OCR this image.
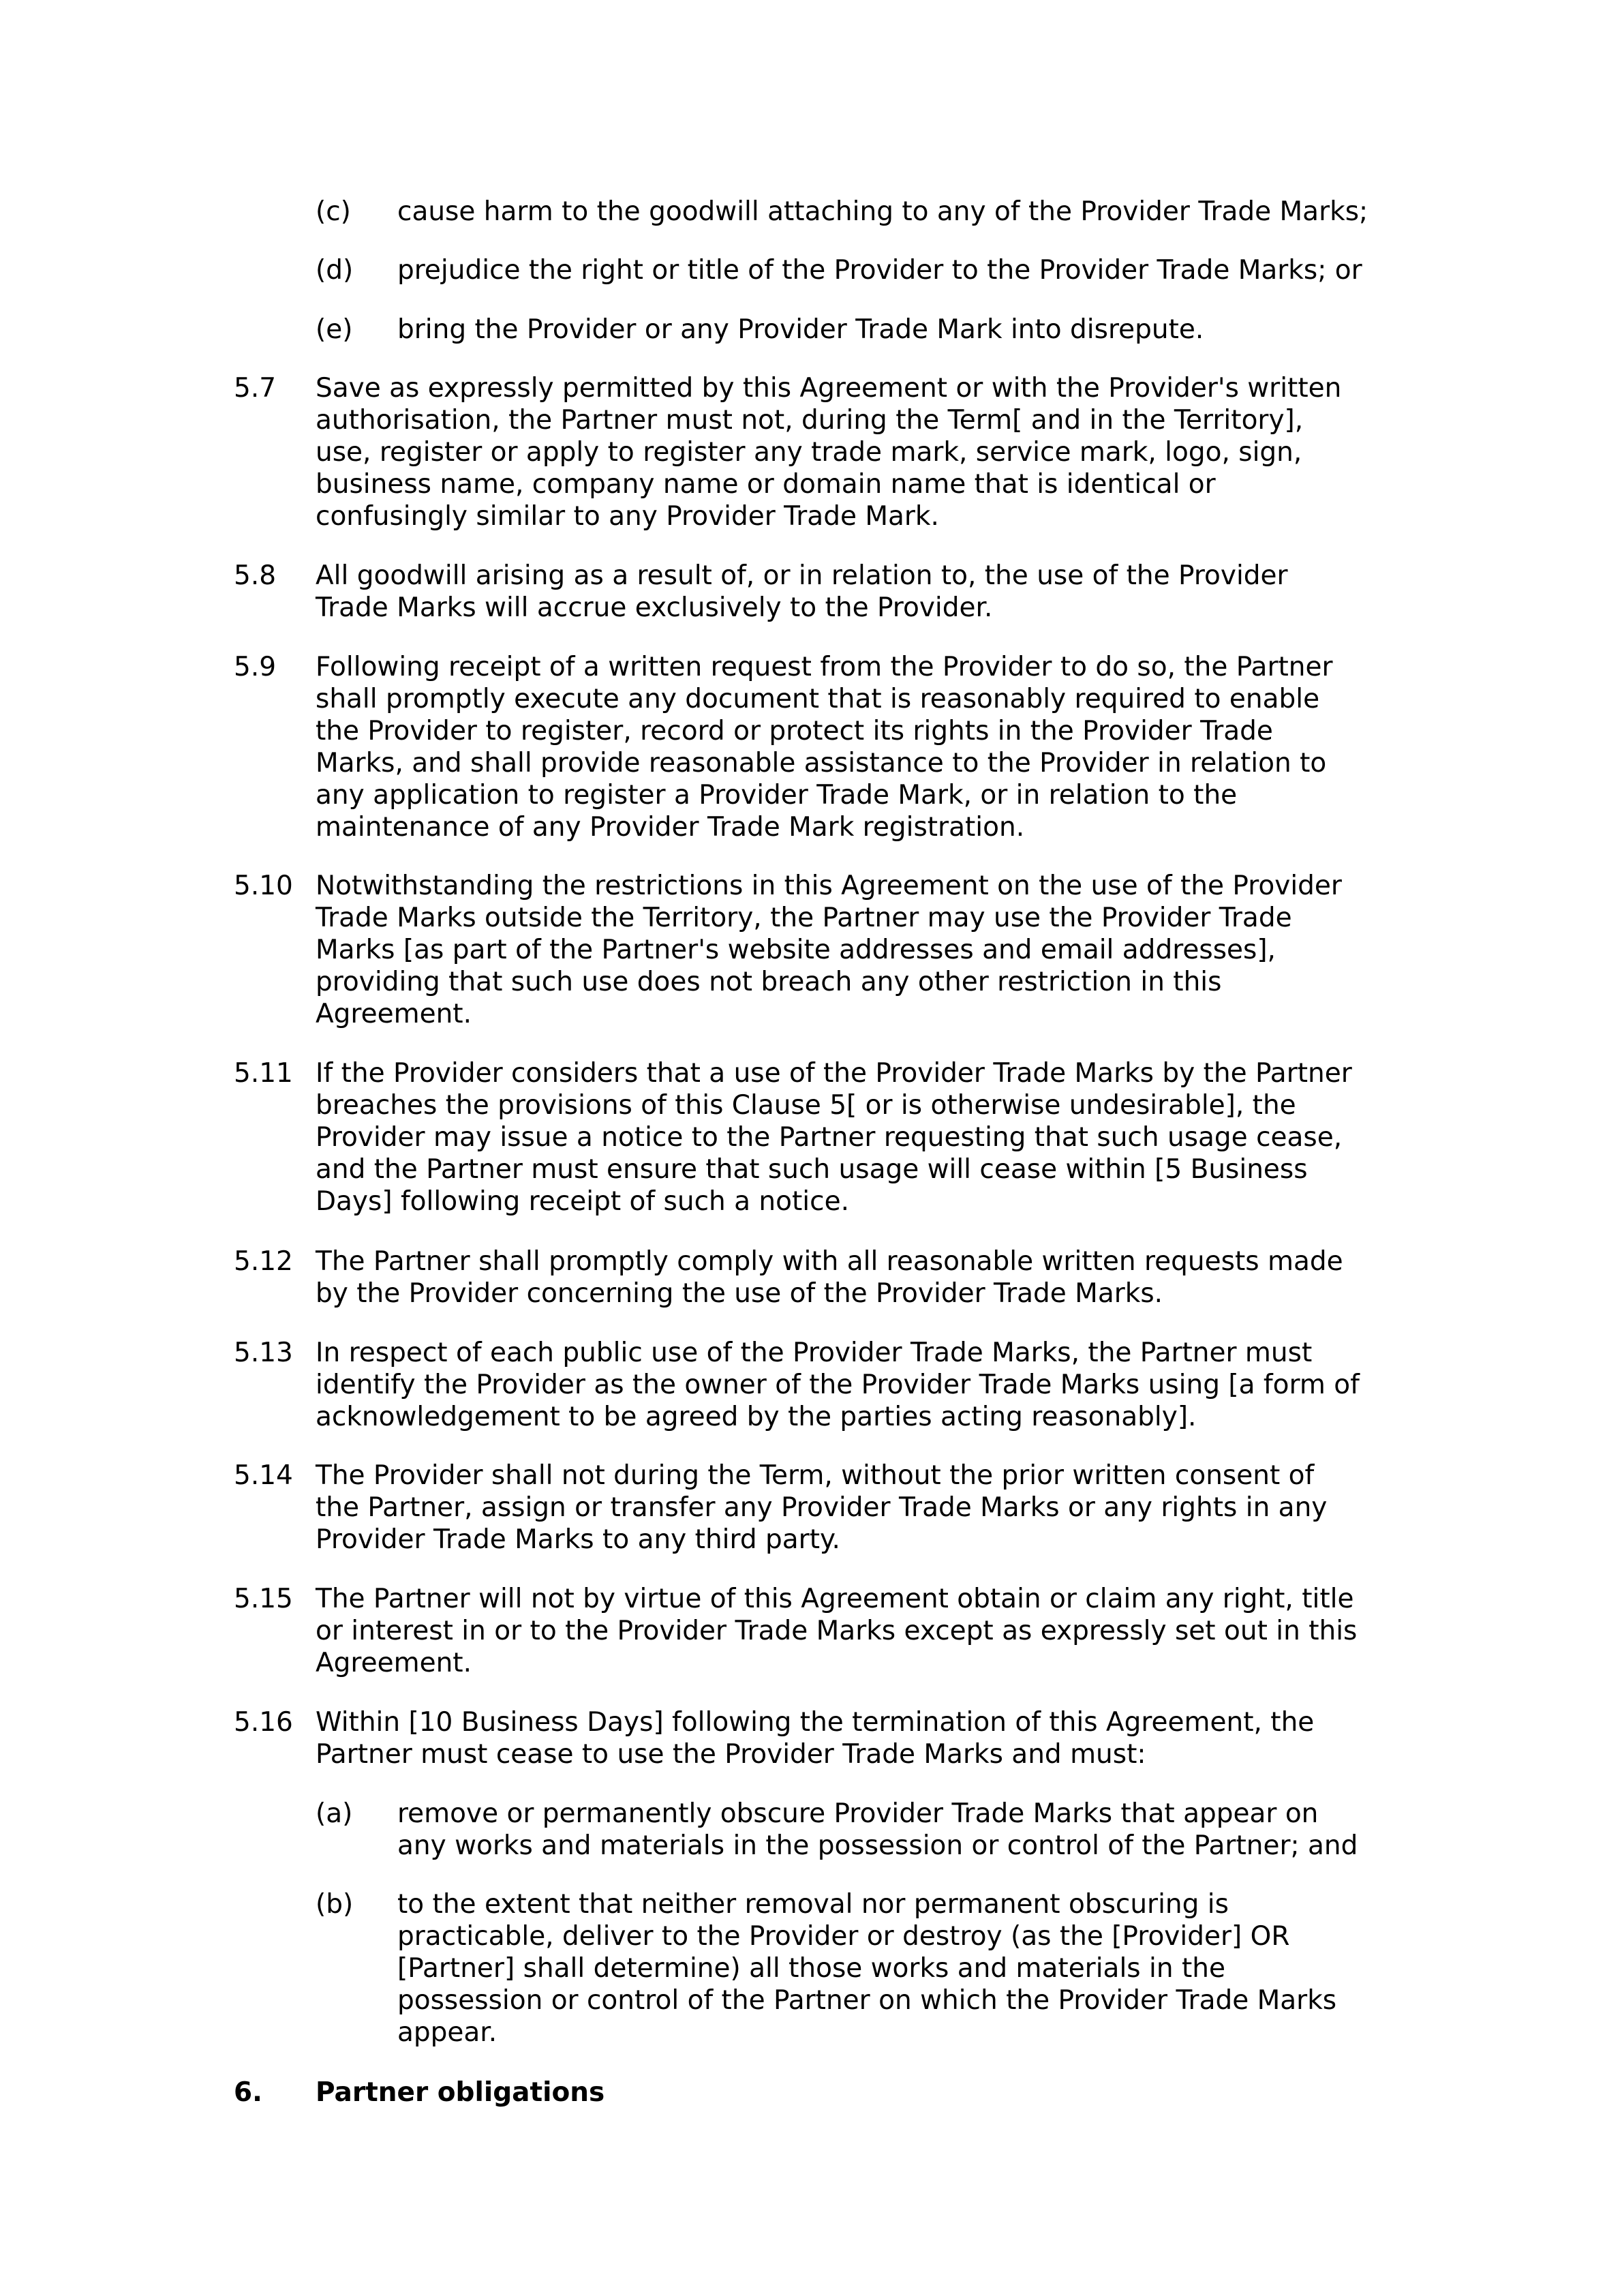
(c) cause harm to the goodwill attaching to any of the Provider Trade Marks;
(d) prejudice the right or title of the Provider to the Provider Trade Marks; or
(e) bring the Provider or any Provider Trade Mark into disrepute.
5.7 Save as expressly permitted by this Agreement or with the Provider's written
authorisation, the Partner must not, during the Term[ and in the Territory],
use, register or apply to register any trade mark, service mark, logo, sign,
business name, company name or domain name that is identical or
confusingly similar to any Provider Trade Mark.
5.8 All goodwill arising as a result of, or in relation to, the use of the Provider
Trade Marks will accrue exclusively to the Provider.
5.9 Following receipt of a written request from the Provider to do so, the Partner
shall promptly execute any document that is reasonably required to enable
the Provider to register, record or protect its rights in the Provider Trade
Marks, and shall provide reasonable assistance to the Provider in relation to
any application to register a Provider Trade Mark, or in relation to the
maintenance of any Provider Trade Mark registration.
5.10 Notwithstanding the restrictions in this Agreement on the use of the Provider
Trade Marks outside the Territory, the Partner may use the Provider Trade
Marks [as part of the Partner's website addresses and email addresses],
providing that such use does not breach any other restriction in this
Agreement.
5.11 If the Provider considers that a use of the Provider Trade Marks by the Partner
breaches the provisions of this Clause 5[ or is otherwise undesirable], the
Provider may issue a notice to the Partner requesting that such usage cease,
and the Partner must ensure that such usage will cease within [5 Business
Days] following receipt of such a notice.
5.12 The Partner shall promptly comply with all reasonable written requests made
by the Provider concerning the use of the Provider Trade Marks.
5.13 In respect of each public use of the Provider Trade Marks, the Partner must
identify the Provider as the owner of the Provider Trade Marks using [a form of
acknowledgement to be agreed by the parties acting reasonably].
5.14 The Provider shall not during the Term, without the prior written consent of
the Partner, assign or transfer any Provider Trade Marks or any rights in any
Provider Trade Marks to any third party.
5.15 The Partner will not by virtue of this Agreement obtain or claim any right, title
or interest in or to the Provider Trade Marks except as expressly set out in this
Agreement.
5.16 Within [10 Business Days] following the termination of this Agreement, the
Partner must cease to use the Provider Trade Marks and must:
(a) remove or permanently obscure Provider Trade Marks that appear on
any works and materials in the possession or control of the Partner; and
(b) to the extent that neither removal nor permanent obscuring is
practicable, deliver to the Provider or destroy (as the [Provider] OR
[Partner] shall determine) all those works and materials in the
possession or control of the Partner on which the Provider Trade Marks
appear.
6. Partner obligations
